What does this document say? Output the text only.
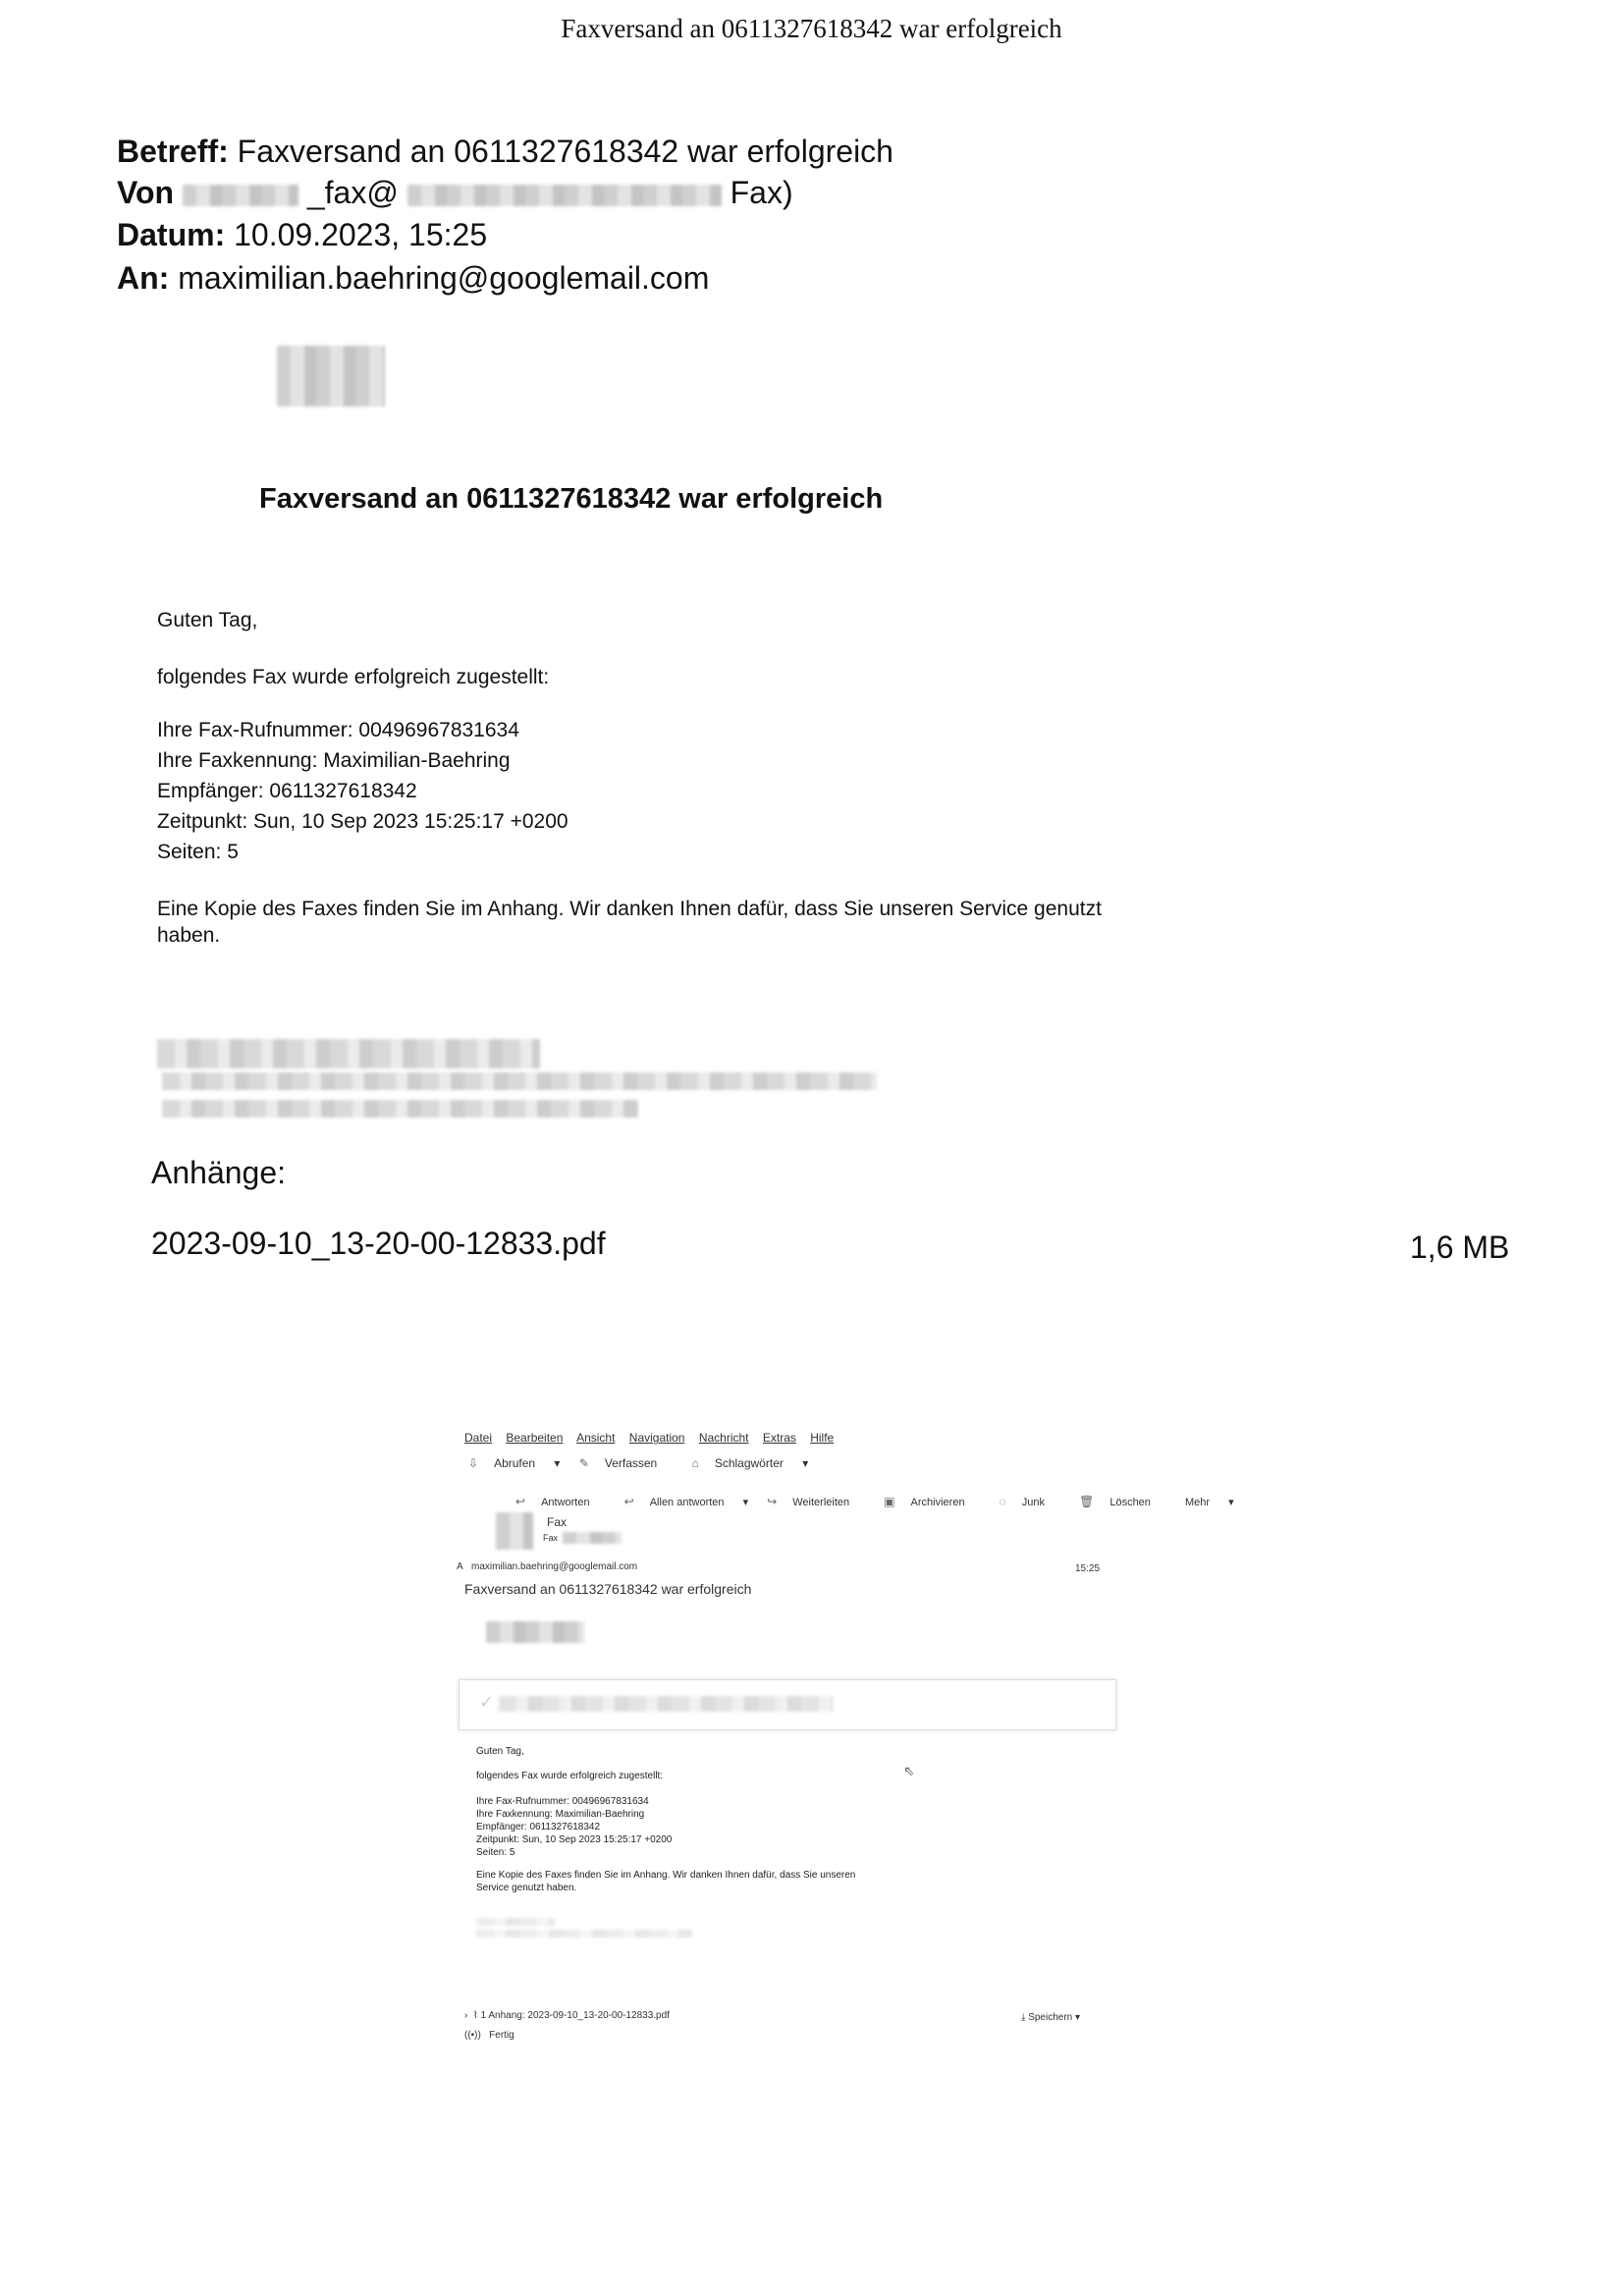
Faxversand an 0611327618342 war erfolgreich
Betreff: Faxversand an 0611327618342 war erfolgreich
Von	_fax@	Fax)
Datum: 10.09.2023, 15:25
An: maximilian.baehring@googlemail.com
Faxversand an 0611327618342 war erfolgreich
Guten Tag,
folgendes Fax wurde erfolgreich zugestellt:
Ihre Fax-Rufnummer: 00496967831634
Ihre Faxkennung: Maximilian-Baehring
Empfänger: 0611327618342
Zeitpunkt: Sun, 10 Sep 2023 15:25:17 +0200
Seiten: 5
Eine Kopie des Faxes finden Sie im Anhang. Wir danken Ihnen dafür, dass Sie unseren Service genutzt
haben.
Anhänge:
2023-09-10_13-20-00-12833.pdf	1,6 MB
Datei Bearbeiten Ansicht Navigation Nachricht Extras Hilfe
⇩ Abrufen ▾ ✎ Verfassen	⌂ Schlagwörter ▾
↩ Antworten	↩ Allen antworten ▾ ↪ Weiterleiten	▣ Archivieren	◌ Junk	🗑 Löschen	Mehr ▾
Fax
Fax
A maximilian.baehring@googlemail.com	15:25
Faxversand an 0611327618342 war erfolgreich
✓
Guten Tag,
folgendes Fax wurde erfolgreich zugestellt:
Ihre Fax-Rufnummer: 00496967831634
Ihre Faxkennung: Maximilian-Baehring
Empfänger: 0611327618342
Zeitpunkt: Sun, 10 Sep 2023 15:25:17 +0200
Seiten: 5
Eine Kopie des Faxes finden Sie im Anhang. Wir danken Ihnen dafür, dass Sie unseren
Service genutzt haben.
⇖
› ⌇ 1 Anhang: 2023-09-10_13-20-00-12833.pdf	⤓ Speichern ▾
((•)) Fertig
